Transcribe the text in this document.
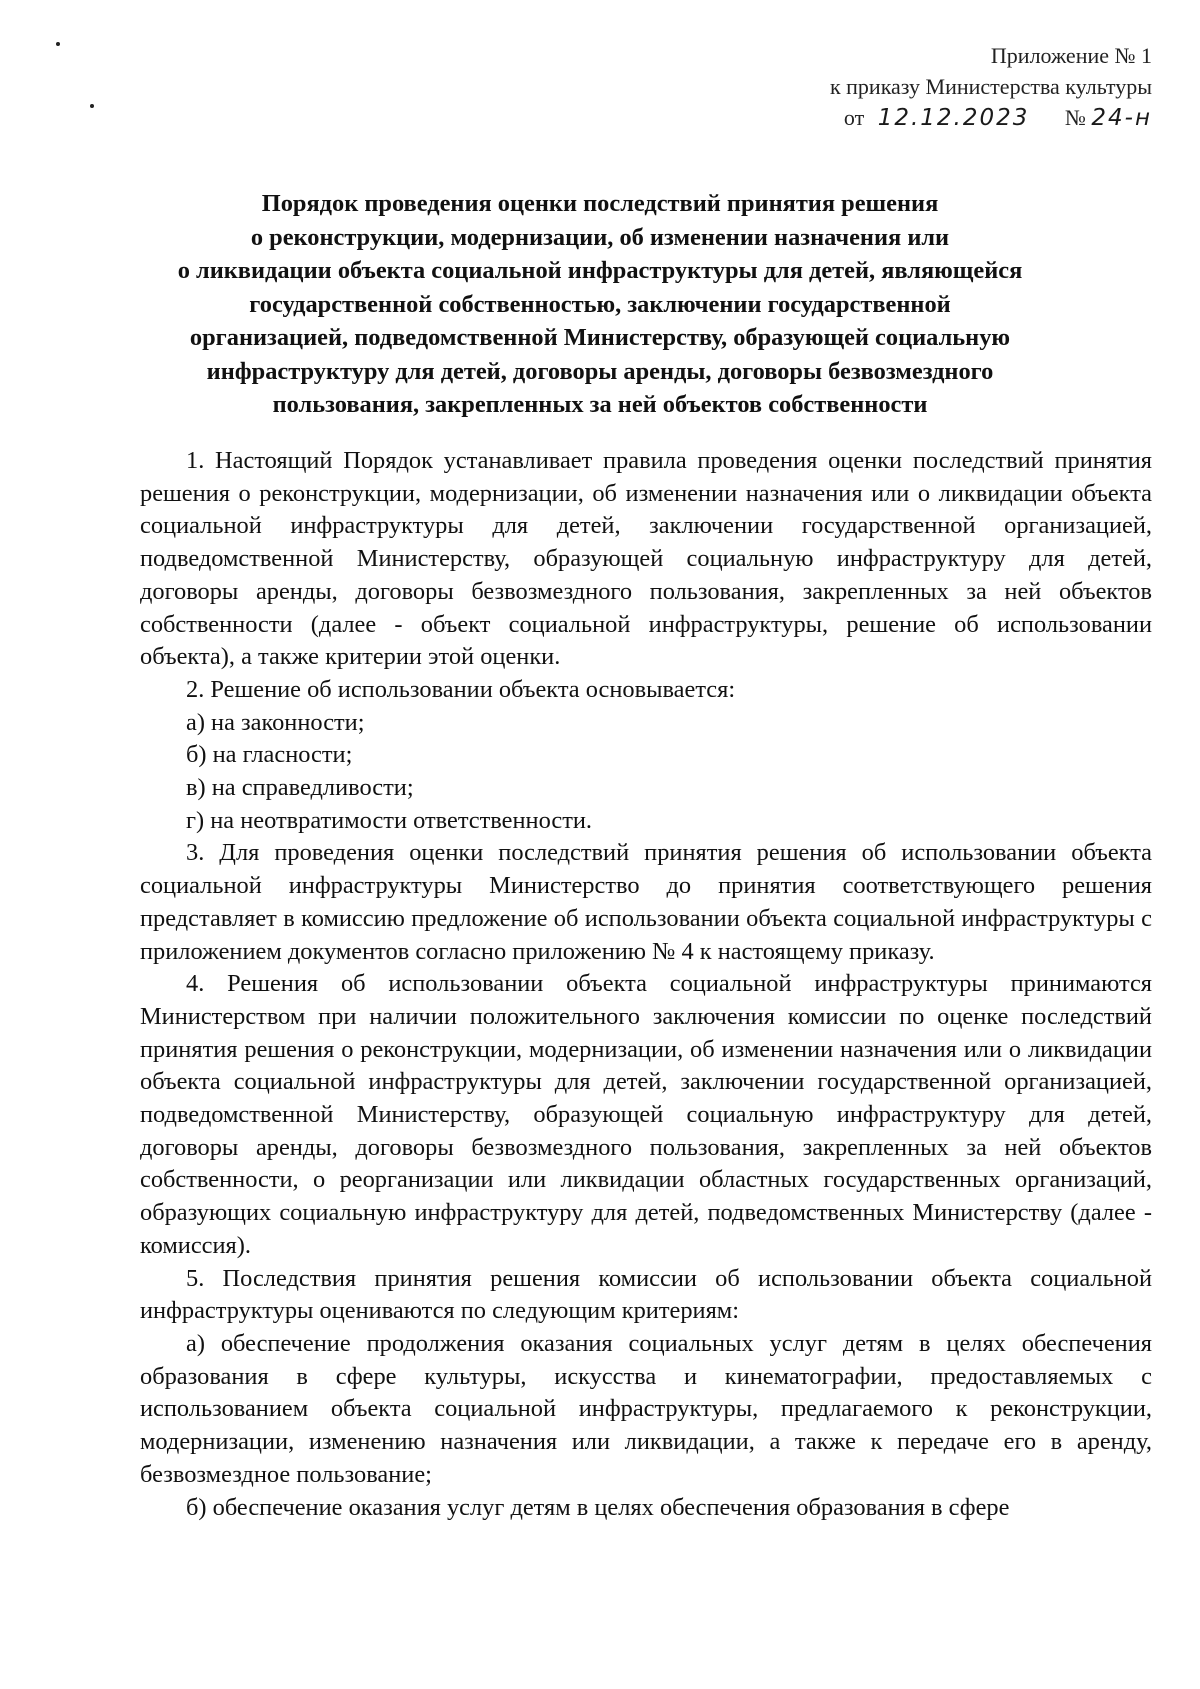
Приложение № 1
к приказу Министерства культуры
от 12.12.2023 № 24-н
Порядок проведения оценки последствий принятия решения
о реконструкции, модернизации, об изменении назначения или
о ликвидации объекта социальной инфраструктуры для детей, являющейся
государственной собственностью, заключении государственной
организацией, подведомственной Министерству, образующей социальную
инфраструктуру для детей, договоры аренды, договоры безвозмездного
пользования, закрепленных за ней объектов собственности

1. Настоящий Порядок устанавливает правила проведения оценки последствий принятия решения о реконструкции, модернизации, об изменении назначения или о ликвидации объекта социальной инфраструктуры для детей, заключении государственной организацией, подведомственной Министерству, образующей социальную инфраструктуру для детей, договоры аренды, договоры безвозмездного пользования, закрепленных за ней объектов собственности (далее - объект социальной инфраструктуры, решение об использовании объекта), а также критерии этой оценки.

2. Решение об использовании объекта основывается:

а) на законности;

б) на гласности;

в) на справедливости;

г) на неотвратимости ответственности.

3. Для проведения оценки последствий принятия решения об использовании объекта социальной инфраструктуры Министерство до принятия соответствующего решения представляет в комиссию предложение об использовании объекта социальной инфраструктуры с приложением документов согласно приложению № 4 к настоящему приказу.

4. Решения об использовании объекта социальной инфраструктуры принимаются Министерством при наличии положительного заключения комиссии по оценке последствий принятия решения о реконструкции, модернизации, об изменении назначения или о ликвидации объекта социальной инфраструктуры для детей, заключении государственной организацией, подведомственной Министерству, образующей социальную инфраструктуру для детей, договоры аренды, договоры безвозмездного пользования, закрепленных за ней объектов собственности, о реорганизации или ликвидации областных государственных организаций, образующих социальную инфраструктуру для детей, подведомственных Министерству (далее - комиссия).

5. Последствия принятия решения комиссии об использовании объекта социальной инфраструктуры оцениваются по следующим критериям:

а) обеспечение продолжения оказания социальных услуг детям в целях обеспечения образования в сфере культуры, искусства и кинематографии, предоставляемых с использованием объекта социальной инфраструктуры, предлагаемого к реконструкции, модернизации, изменению назначения или ликвидации, а также к передаче его в аренду, безвозмездное пользование;

б) обеспечение оказания услуг детям в целях обеспечения образования в сфере
